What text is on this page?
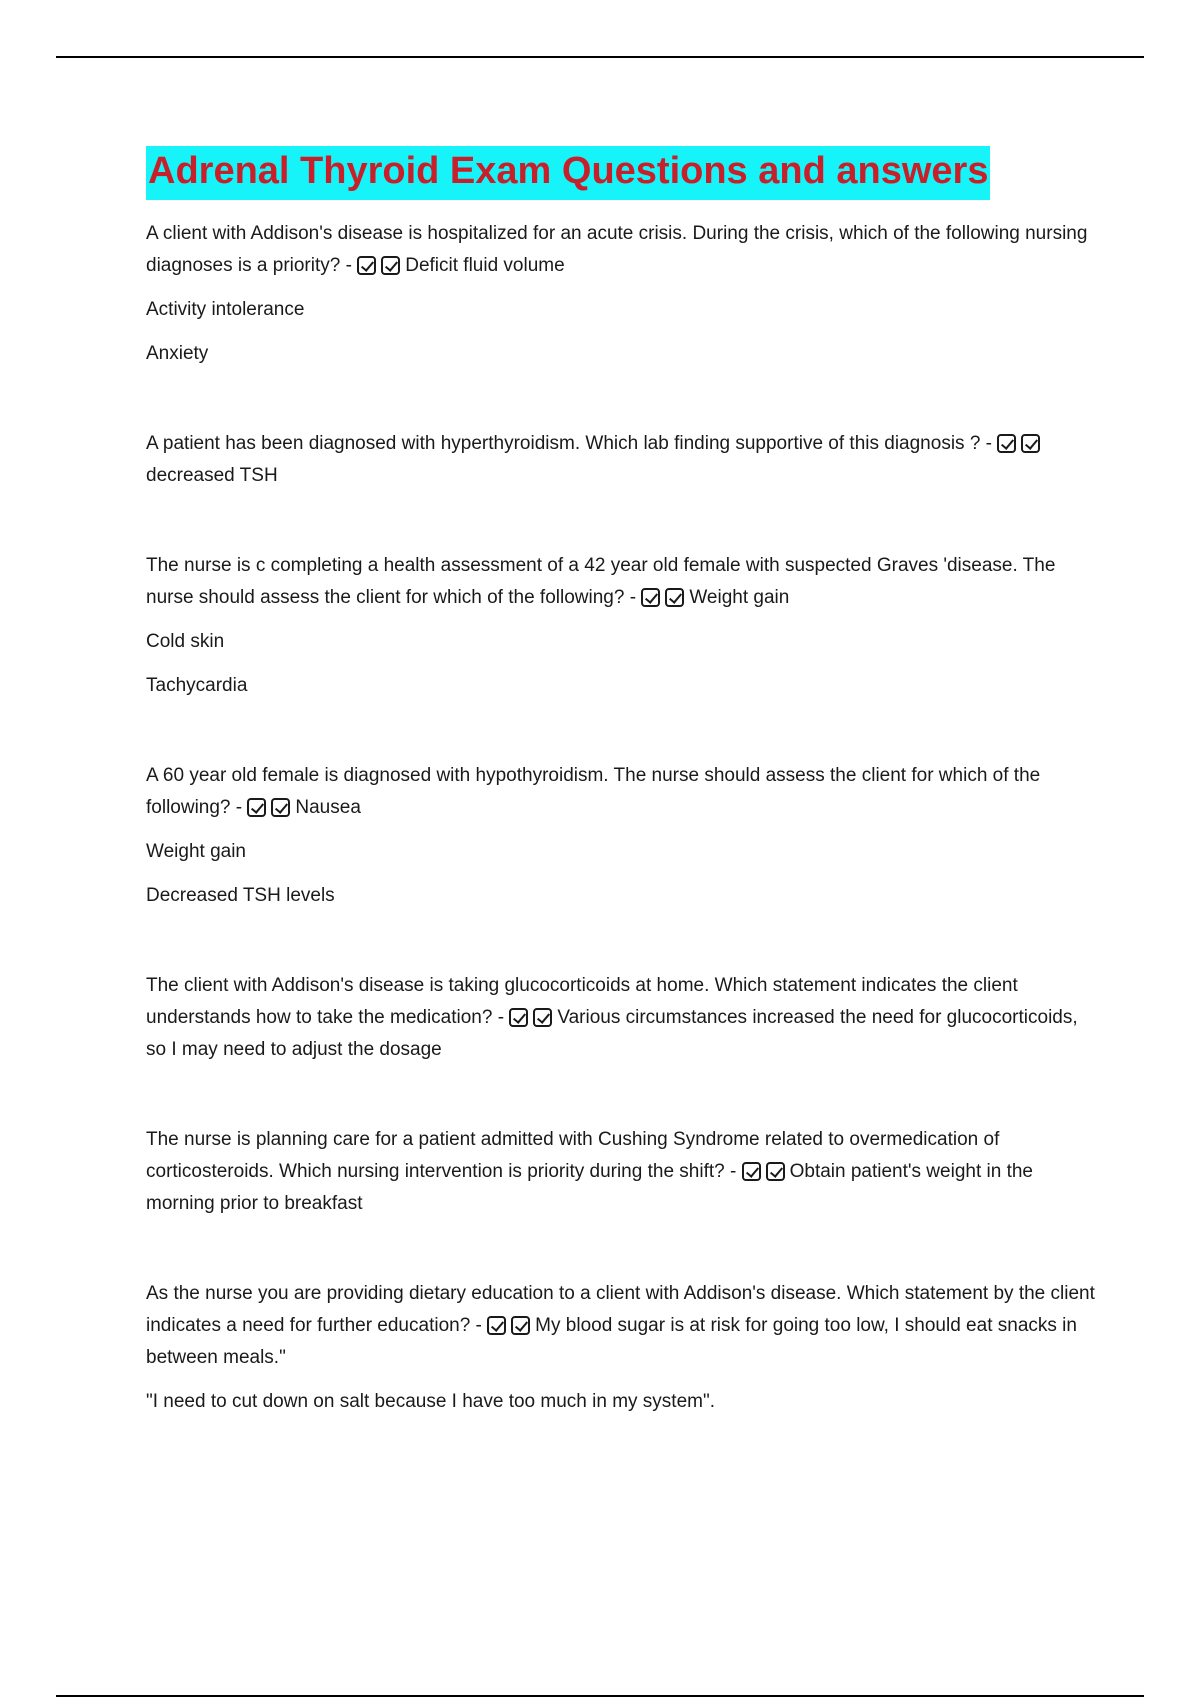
Adrenal Thyroid Exam Questions and answers

A client with Addison's disease is hospitalized for an acute crisis. During the crisis, which of the following nursing diagnoses is a priority? -	Deficit fluid volume

Activity intolerance

Anxiety

A patient has been diagnosed with hyperthyroidism. Which lab finding supportive of this diagnosis ? - decreased TSH

The nurse is c completing a health assessment of a 42 year old female with suspected Graves 'disease. The nurse should assess the client for which of the following? -	Weight gain

Cold skin

Tachycardia

A 60 year old female is diagnosed with hypothyroidism. The nurse should assess the client for which of the following? -	Nausea

Weight gain

Decreased TSH levels

The client with Addison's disease is taking glucocorticoids at home. Which statement indicates the client understands how to take the medication? -	Various circumstances increased the need for glucocorticoids, so I may need to adjust the dosage

The nurse is planning care for a patient admitted with Cushing Syndrome related to overmedication of corticosteroids. Which nursing intervention is priority during the shift? -	Obtain patient's weight in the morning prior to breakfast

As the nurse you are providing dietary education to a client with Addison's disease. Which statement by the client indicates a need for further education? -	My blood sugar is at risk for going too low, I should eat snacks in between meals."

"I need to cut down on salt because I have too much in my system".
